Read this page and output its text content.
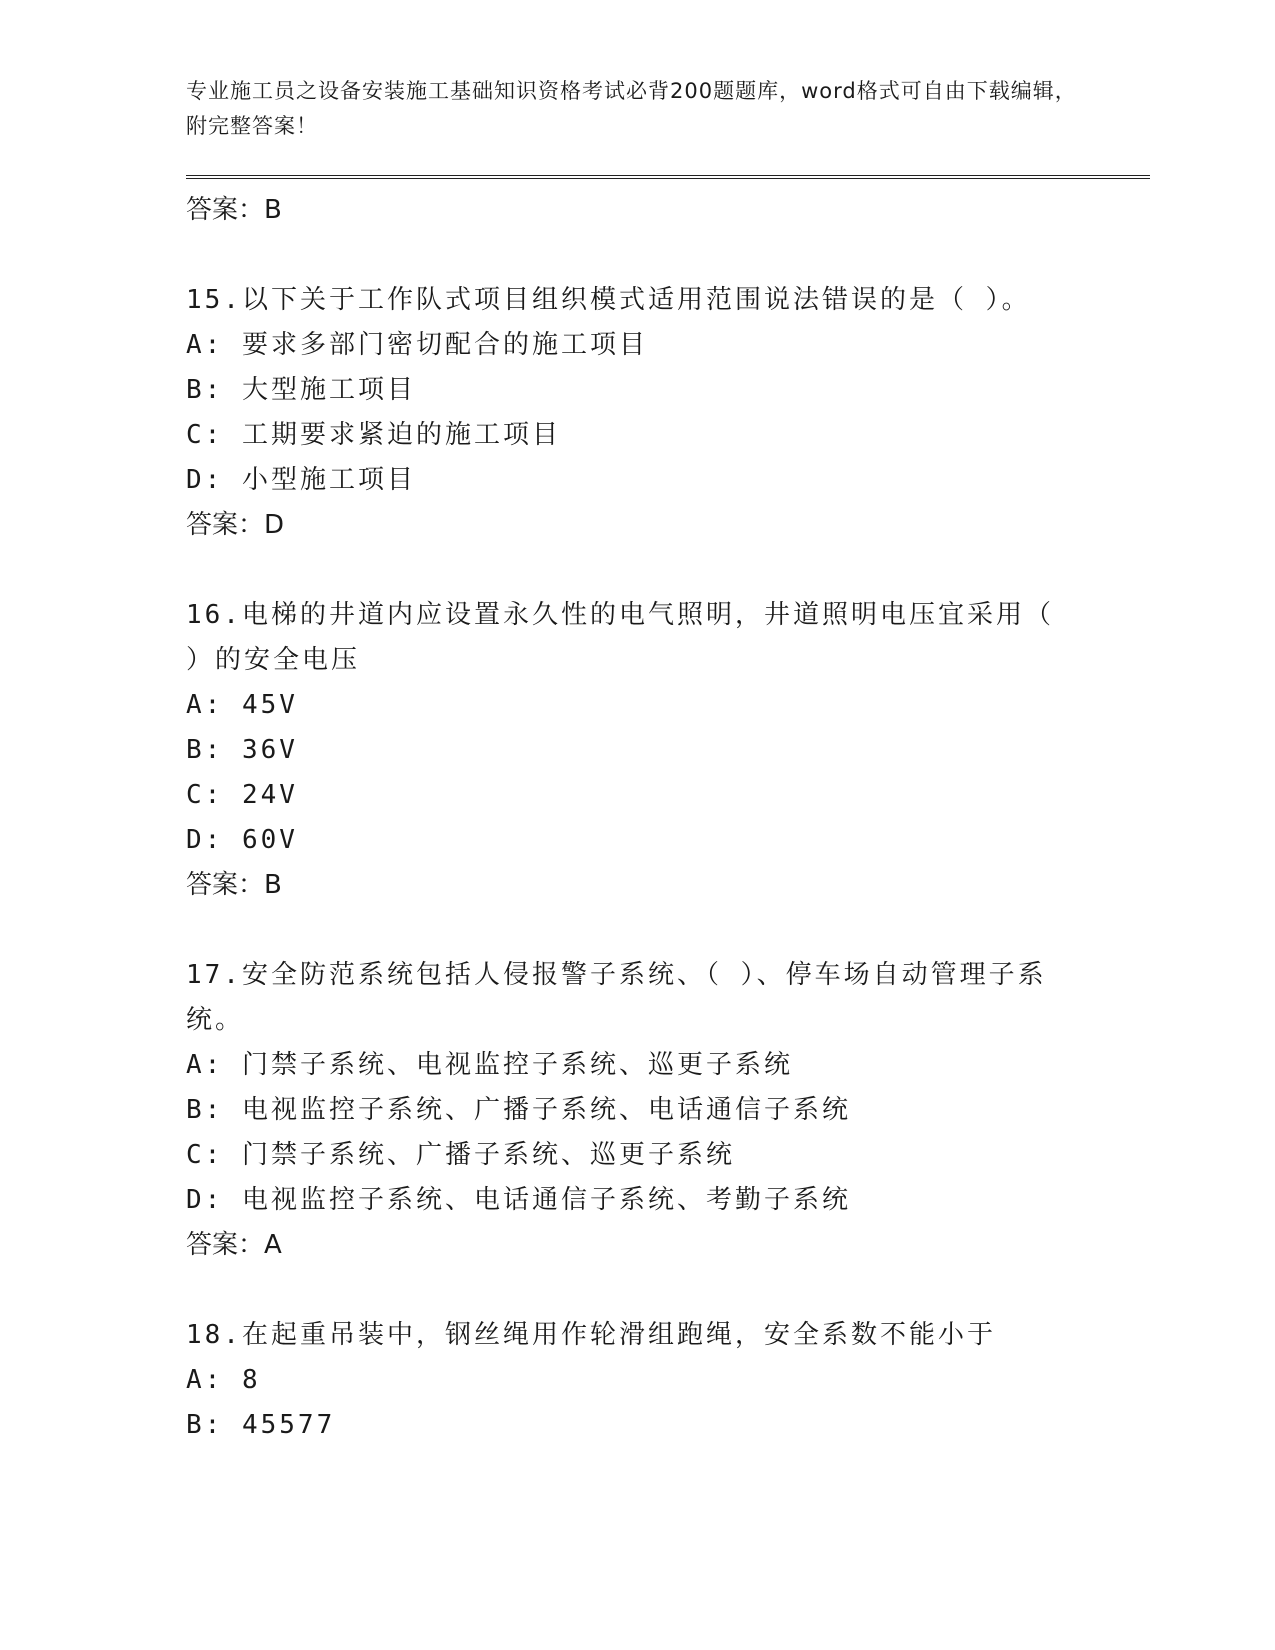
专业施工员之设备安装施工基础知识资格考试必背200题题库，word格式可自由下载编辑，附完整答案！
答案：B
15.以下关于工作队式项目组织模式适用范围说法错误的是（ ）。
A: 要求多部门密切配合的施工项目
B: 大型施工项目
C: 工期要求紧迫的施工项目
D: 小型施工项目
答案：D
16.电梯的井道内应设置永久性的电气照明，井道照明电压宜采用（ ）的安全电压
A: 45V
B: 36V
C: 24V
D: 60V
答案：B
17.安全防范系统包括人侵报警子系统、（ ）、停车场自动管理子系统。
A: 门禁子系统、电视监控子系统、巡更子系统
B: 电视监控子系统、广播子系统、电话通信子系统
C: 门禁子系统、广播子系统、巡更子系统
D: 电视监控子系统、电话通信子系统、考勤子系统
答案：A
18.在起重吊装中，钢丝绳用作轮滑组跑绳，安全系数不能小于
A: 8
B: 45577
